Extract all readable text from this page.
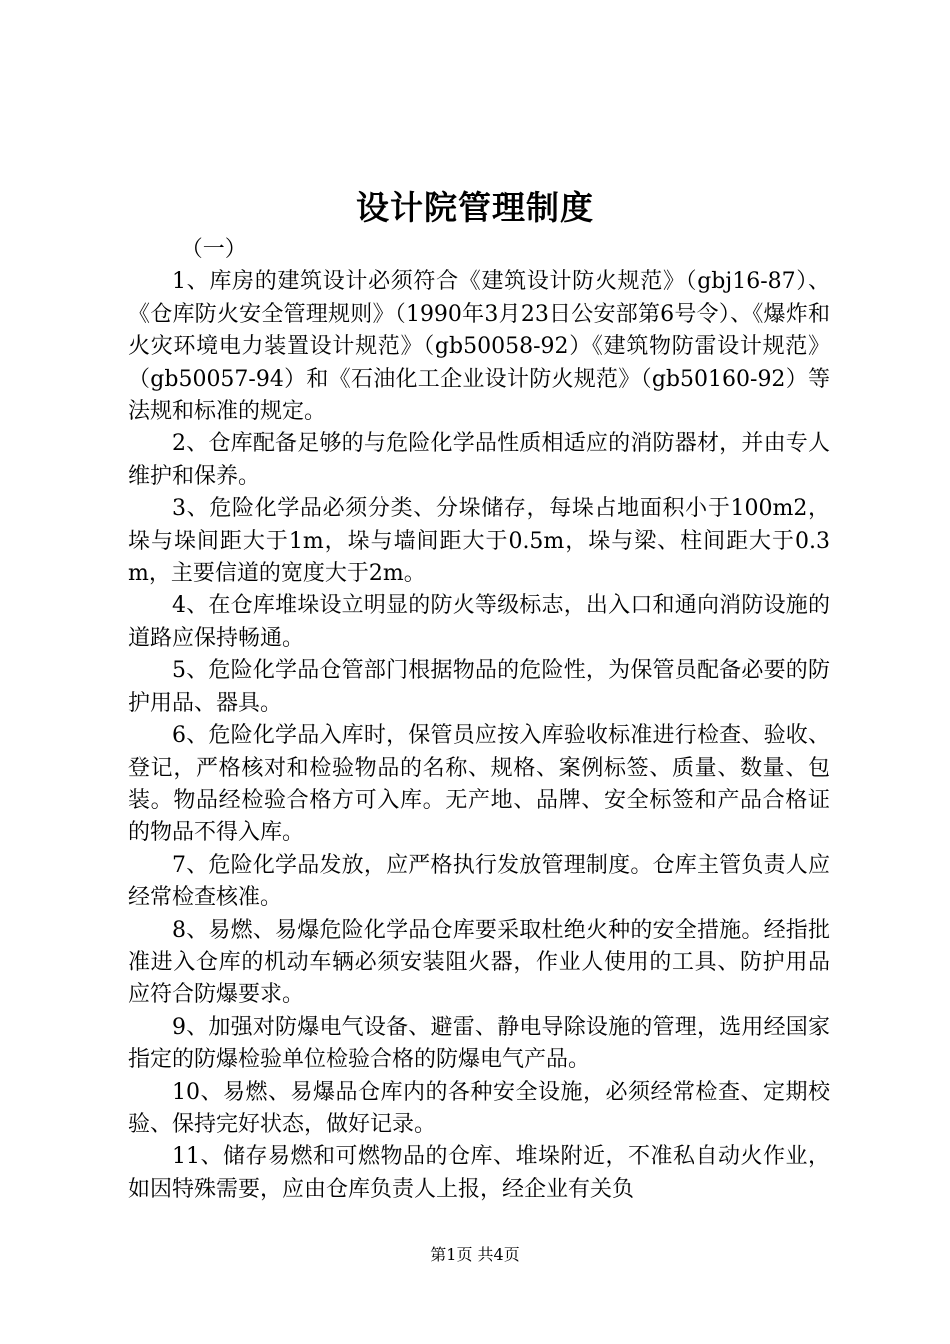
设计院管理制度

（一）

1、库房的建筑设计必须符合《建筑设计防火规范》（gbj16-87）、《仓库防火安全管理规则》（1990年3月23日公安部第6号令）、《爆炸和火灾环境电力装置设计规范》（gb50058-92）《建筑物防雷设计规范》（gb50057-94）和《石油化工企业设计防火规范》（gb50160-92）等法规和标准的规定。

2、仓库配备足够的与危险化学品性质相适应的消防器材，并由专人维护和保养。

3、危险化学品必须分类、分垛储存，每垛占地面积小于100m2，垛与垛间距大于1m，垛与墙间距大于0.5m，垛与梁、柱间距大于0.3m，主要信道的宽度大于2m。

4、在仓库堆垛设立明显的防火等级标志，出入口和通向消防设施的道路应保持畅通。

5、危险化学品仓管部门根据物品的危险性，为保管员配备必要的防护用品、器具。

6、危险化学品入库时，保管员应按入库验收标准进行检查、验收、登记，严格核对和检验物品的名称、规格、案例标签、质量、数量、包装。物品经检验合格方可入库。无产地、品牌、安全标签和产品合格证的物品不得入库。

7、危险化学品发放，应严格执行发放管理制度。仓库主管负责人应经常检查核准。

8、易燃、易爆危险化学品仓库要采取杜绝火种的安全措施。经指批准进入仓库的机动车辆必须安装阻火器，作业人使用的工具、防护用品应符合防爆要求。

9、加强对防爆电气设备、避雷、静电导除设施的管理，选用经国家指定的防爆检验单位检验合格的防爆电气产品。

10、易燃、易爆品仓库内的各种安全设施，必须经常检查、定期校验、保持完好状态，做好记录。

11、储存易燃和可燃物品的仓库、堆垛附近，不准私自动火作业，如因特殊需要，应由仓库负责人上报，经企业有关负

第1页 共4页
